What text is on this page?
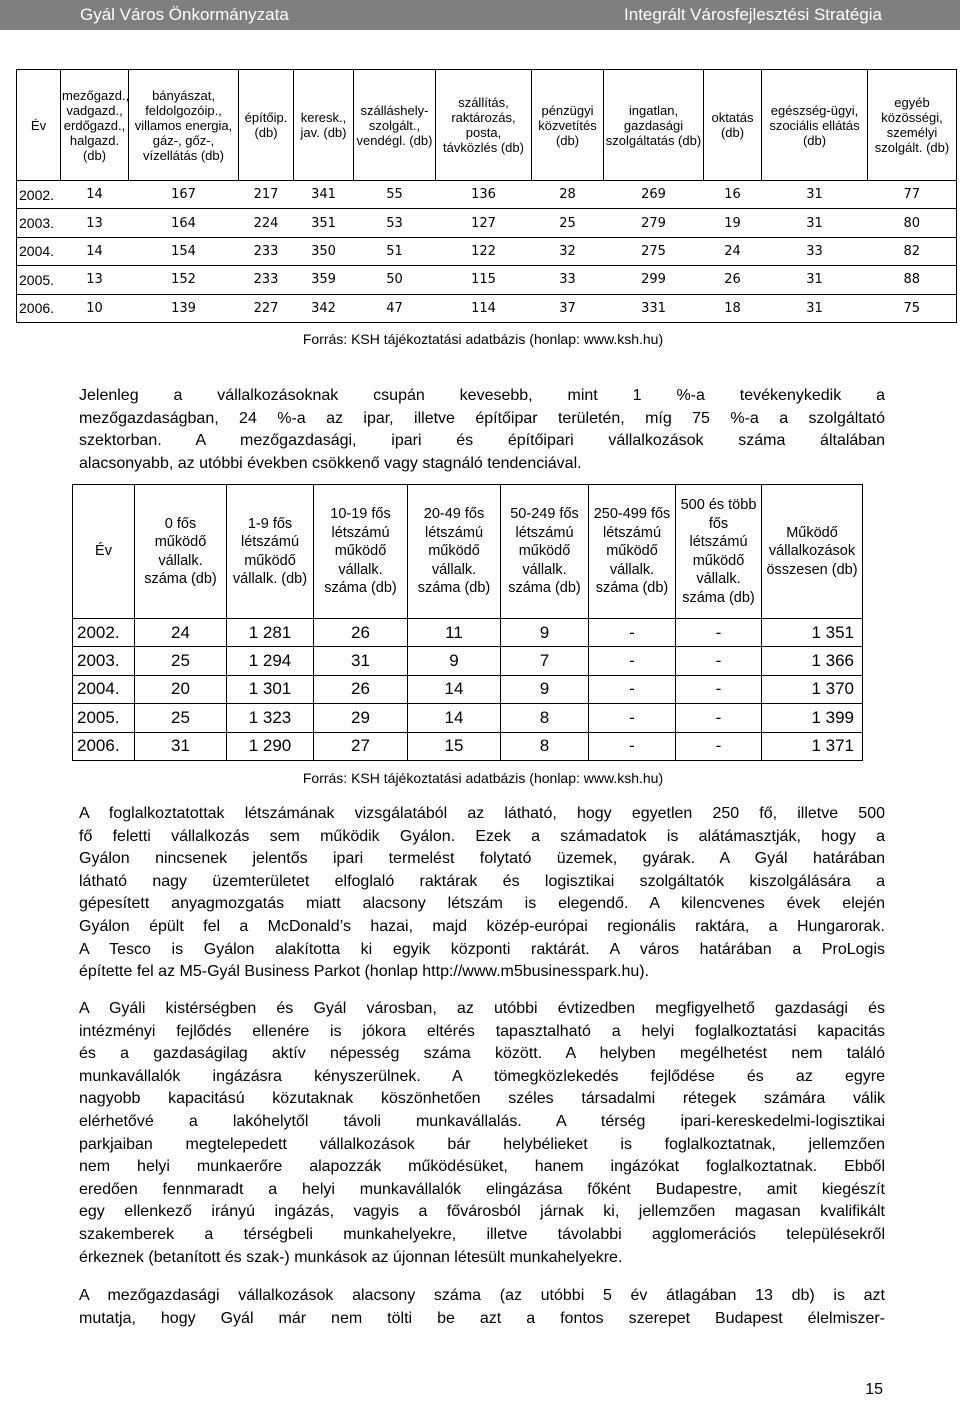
Gyál Város Önkormányzata	Integrált Városfejlesztési Stratégia
Év	mezőgazd., vadgazd., erdőgazd., halgazd. (db)	bányászat, feldolgozóip., villamos energia, gáz-, gőz-, vízellátás (db)	építőip. (db)	keresk., jav. (db)	szálláshely-szolgált., vendégl. (db)	szállítás, raktározás, posta, távközlés (db)	pénzügyi közvetítés (db)	ingatlan, gazdasági szolgáltatás (db)	oktatás (db)	egészség-ügyi, szociális ellátás (db)	egyéb közösségi, személyi szolgált. (db)
2002.	14	167	217	341	55	136	28	269	16	31	77
2003.	13	164	224	351	53	127	25	279	19	31	80
2004.	14	154	233	350	51	122	32	275	24	33	82
2005.	13	152	233	359	50	115	33	299	26	31	88
2006.	10	139	227	342	47	114	37	331	18	31	75
Forrás: KSH tájékoztatási adatbázis (honlap: www.ksh.hu)
Jelenleg a vállalkozásoknak csupán kevesebb, mint 1 %-a tevékenykedik a
mezőgazdaságban, 24 %-a az ipar, illetve építőipar területén, míg 75 %-a a szolgáltató
szektorban. A mezőgazdasági, ipari és építőipari vállalkozások száma általában
alacsonyabb, az utóbbi években csökkenő vagy stagnáló tendenciával.
Év	0 fős működő vállalk. száma (db)	1-9 fős létszámú működő vállalk. (db)	10-19 fős létszámú működő vállalk. száma (db)	20-49 fős létszámú működő vállalk. száma (db)	50-249 fős létszámú működő vállalk. száma (db)	250-499 fős létszámú működő vállalk. száma (db)	500 és több fős létszámú működő vállalk. száma (db)	Működő vállalkozások összesen (db)
2002.	24	1 281	26	11	9	-	-	1 351
2003.	25	1 294	31	9	7	-	-	1 366
2004.	20	1 301	26	14	9	-	-	1 370
2005.	25	1 323	29	14	8	-	-	1 399
2006.	31	1 290	27	15	8	-	-	1 371
Forrás: KSH tájékoztatási adatbázis (honlap: www.ksh.hu)
A foglalkoztatottak létszámának vizsgálatából az látható, hogy egyetlen 250 fő, illetve 500
fő feletti vállalkozás sem működik Gyálon. Ezek a számadatok is alátámasztják, hogy a
Gyálon nincsenek jelentős ipari termelést folytató üzemek, gyárak. A Gyál határában
látható nagy üzemterületet elfoglaló raktárak és logisztikai szolgáltatók kiszolgálására a
gépesített anyagmozgatás miatt alacsony létszám is elegendő. A kilencvenes évek elején
Gyálon épült fel a McDonald’s hazai, majd közép-európai regionális raktára, a Hungarorak.
A Tesco is Gyálon alakította ki egyik központi raktárát. A város határában a ProLogis
építette fel az M5-Gyál Business Parkot (honlap http://www.m5businesspark.hu).
A Gyáli kistérségben és Gyál városban, az utóbbi évtizedben megfigyelhető gazdasági és
intézményi fejlődés ellenére is jókora eltérés tapasztalható a helyi foglalkoztatási kapacitás
és a gazdaságilag aktív népesség száma között. A helyben megélhetést nem találó
munkavállalók ingázásra kényszerülnek. A tömegközlekedés fejlődése és az egyre
nagyobb kapacitású közutaknak köszönhetően széles társadalmi rétegek számára válik
elérhetővé a lakóhelytől távoli munkavállalás. A térség ipari-kereskedelmi-logisztikai
parkjaiban megtelepedett vállalkozások bár helybélieket is foglalkoztatnak, jellemzően
nem helyi munkaerőre alapozzák működésüket, hanem ingázókat foglalkoztatnak. Ebből
eredően fennmaradt a helyi munkavállalók elingázása főként Budapestre, amit kiegészít
egy ellenkező irányú ingázás, vagyis a fővárosból járnak ki, jellemzően magasan kvalifikált
szakemberek a térségbeli munkahelyekre, illetve távolabbi agglomerációs településekről
érkeznek (betanított és szak-) munkások az újonnan létesült munkahelyekre.
A mezőgazdasági vállalkozások alacsony száma (az utóbbi 5 év átlagában 13 db) is azt
mutatja, hogy Gyál már nem tölti be azt a fontos szerepet Budapest élelmiszer-
15
